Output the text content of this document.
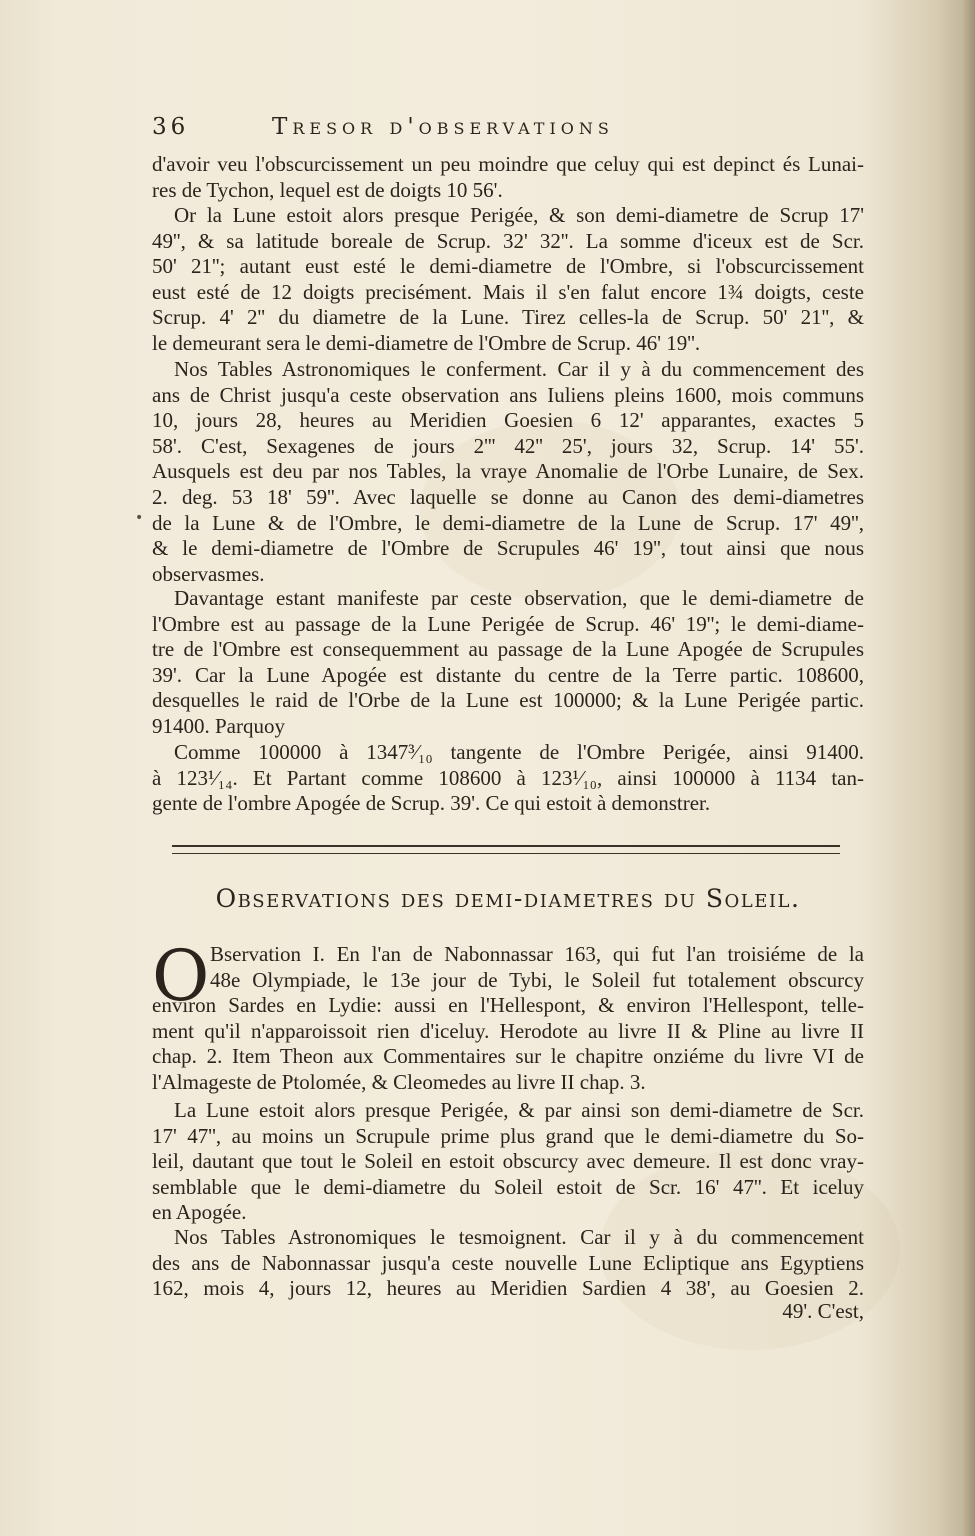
36	Tresor d'observations
d'avoir veu l'obscurcissement un peu moindre que celuy qui est depinct és Lunai-
res de Tychon, lequel est de doigts 10 56'.
Or la Lune estoit alors presque Perigée, & son demi-diametre de Scrup 17'
49'', & sa latitude boreale de Scrup. 32' 32''. La somme d'iceux est de Scr.
50' 21''; autant eust esté le demi-diametre de l'Ombre, si l'obscurcissement
eust esté de 12 doigts precisément. Mais il s'en falut encore 1¾ doigts, ceste
Scrup. 4' 2'' du diametre de la Lune. Tirez celles-la de Scrup. 50' 21'', &
le demeurant sera le demi-diametre de l'Ombre de Scrup. 46' 19''.
Nos Tables Astronomiques le conferment. Car il y à du commencement des
ans de Christ jusqu'a ceste observation ans Iuliens pleins 1600, mois communs
10, jours 28, heures au Meridien Goesien 6 12' apparantes, exactes 5
58'. C'est, Sexagenes de jours 2''' 42'' 25', jours 32, Scrup. 14' 55'.
Ausquels est deu par nos Tables, la vraye Anomalie de l'Orbe Lunaire, de Sex.
2. deg. 53 18' 59''. Avec laquelle se donne au Canon des demi-diametres
de la Lune & de l'Ombre, le demi-diametre de la Lune de Scrup. 17' 49'',
& le demi-diametre de l'Ombre de Scrupules 46' 19'', tout ainsi que nous
observasmes.
•
Davantage estant manifeste par ceste observation, que le demi-diametre de
l'Ombre est au passage de la Lune Perigée de Scrup. 46' 19''; le demi-diame-
tre de l'Ombre est consequemment au passage de la Lune Apogée de Scrupules
39'. Car la Lune Apogée est distante du centre de la Terre partic. 108600,
desquelles le raid de l'Orbe de la Lune est 100000; & la Lune Perigée partic.
91400. Parquoy
Comme 100000 à 1347³⁄₁₀ tangente de l'Ombre Perigée, ainsi 91400.
à 123¹⁄₁₄. Et Partant comme 108600 à 123¹⁄₁₀, ainsi 100000 à 1134 tan-
gente de l'ombre Apogée de Scrup. 39'. Ce qui estoit à demonstrer.
Observations des demi-diametres du Soleil.
O Bservation I. En l'an de Nabonnassar 163, qui fut l'an troisiéme de la
48e Olympiade, le 13e jour de Tybi, le Soleil fut totalement obscurcy
environ Sardes en Lydie: aussi en l'Hellespont, & environ l'Hellespont, telle-
ment qu'il n'apparoissoit rien d'iceluy. Herodote au livre II & Pline au livre II
chap. 2. Item Theon aux Commentaires sur le chapitre onziéme du livre VI de
l'Almageste de Ptolomée, & Cleomedes au livre II chap. 3.
La Lune estoit alors presque Perigée, & par ainsi son demi-diametre de Scr.
17' 47'', au moins un Scrupule prime plus grand que le demi-diametre du So-
leil, dautant que tout le Soleil en estoit obscurcy avec demeure. Il est donc vray-
semblable que le demi-diametre du Soleil estoit de Scr. 16' 47''. Et iceluy
en Apogée.
Nos Tables Astronomiques le tesmoignent. Car il y à du commencement
des ans de Nabonnassar jusqu'a ceste nouvelle Lune Ecliptique ans Egyptiens
162, mois 4, jours 12, heures au Meridien Sardien 4 38', au Goesien 2.
49'. C'est,
